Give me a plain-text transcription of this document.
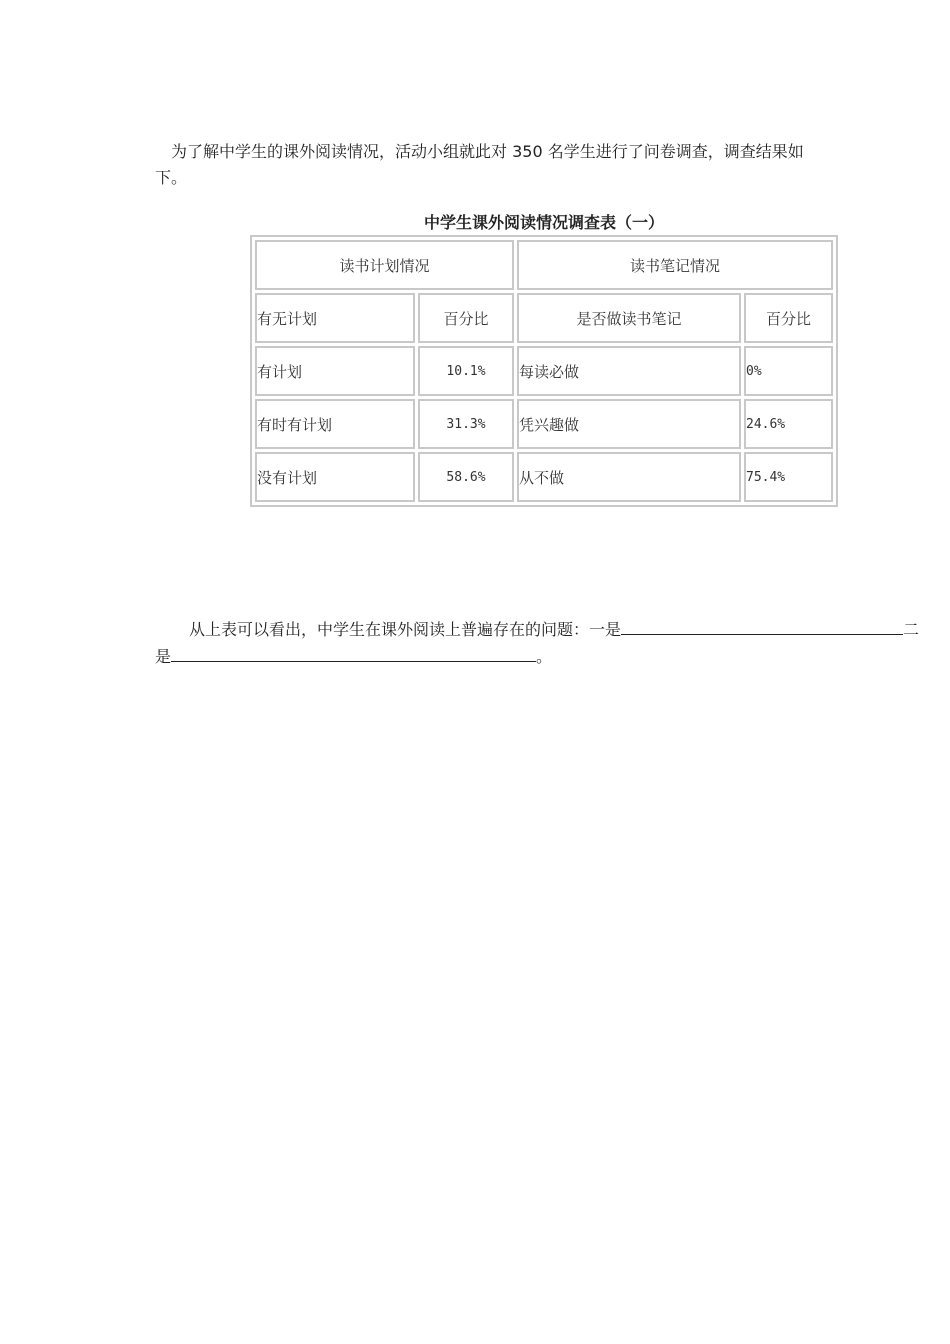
为了解中学生的课外阅读情况，活动小组就此对 350 名学生进行了问卷调查，调查结果如下。

中学生课外阅读情况调查表（一）

读书计划情况		读书笔记情况	
有无计划	百分比	是否做读书笔记	百分比
有计划	10.1%	每读必做	0%
有时有计划	31.3%	凭兴趣做	24.6%
没有计划	58.6%	从不做	75.4%

从上表可以看出，中学生在课外阅读上普遍存在的问题：一是	二是	。
